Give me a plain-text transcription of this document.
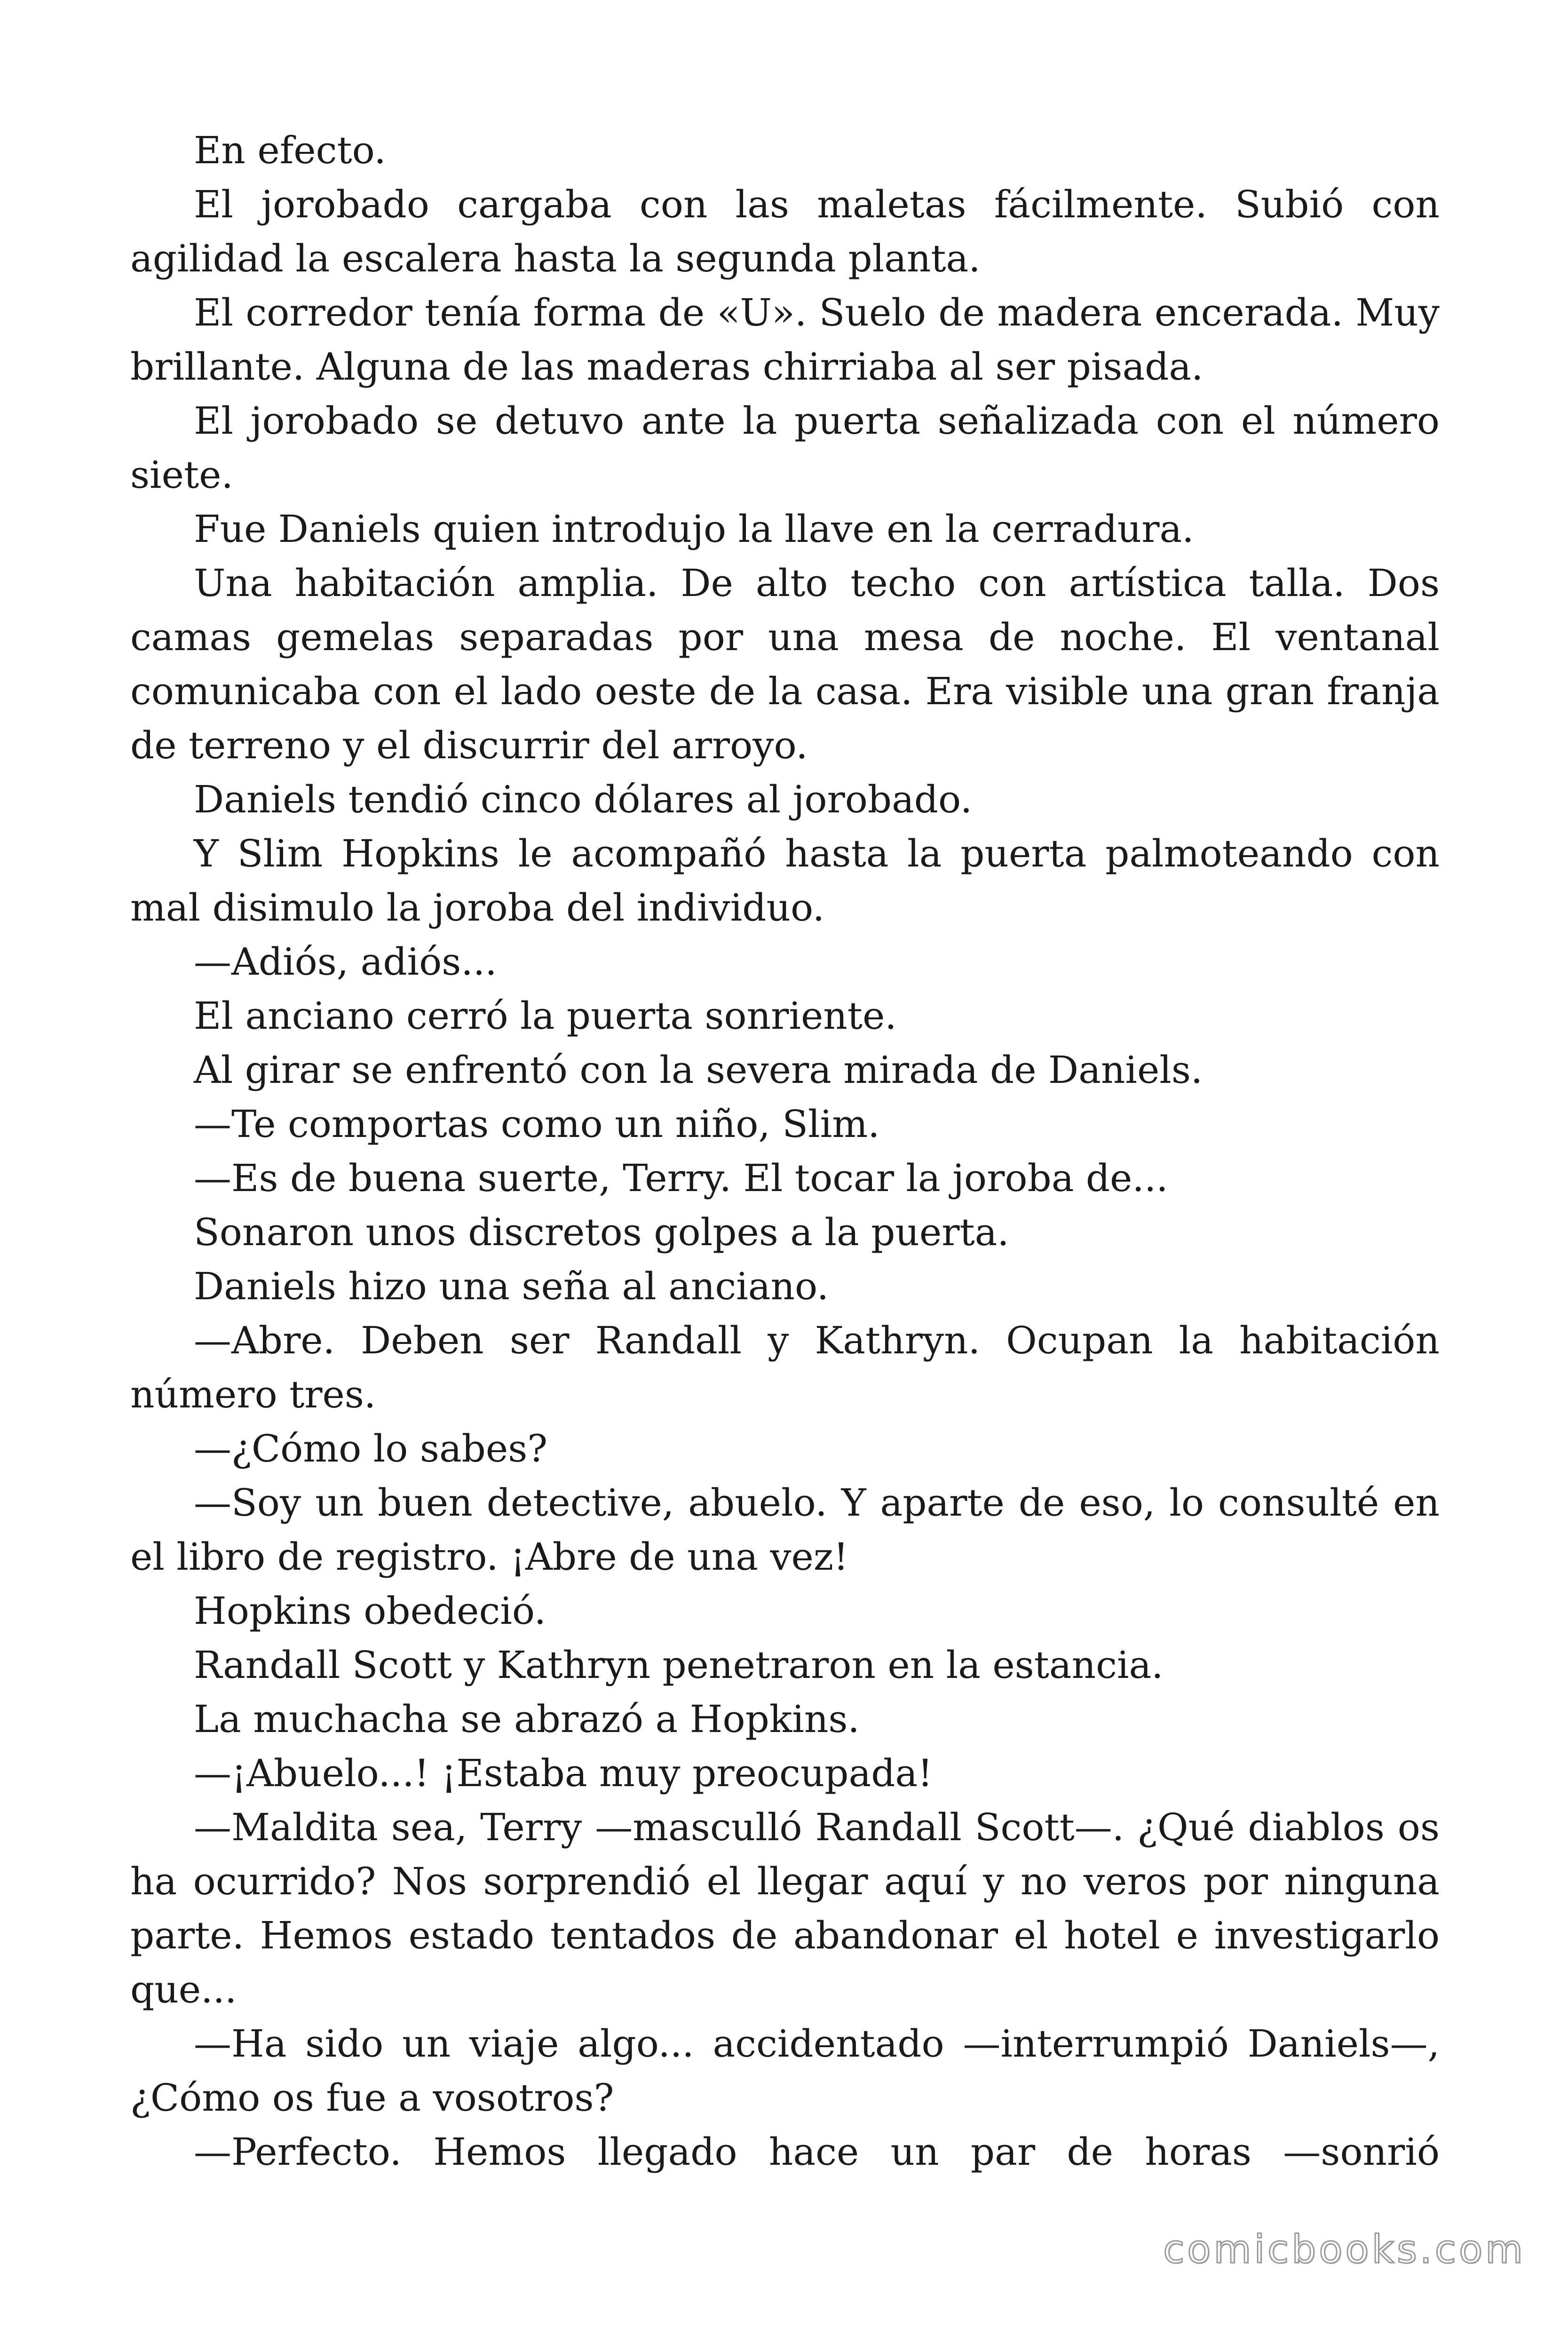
En efecto.

El jorobado cargaba con las maletas fácilmente. Subió con agilidad la escalera hasta la segunda planta.

El corredor tenía forma de «U». Suelo de madera encerada. Muy brillante. Alguna de las maderas chirriaba al ser pisada.

El jorobado se detuvo ante la puerta señalizada con el número siete.

Fue Daniels quien introdujo la llave en la cerradura.

Una habitación amplia. De alto techo con artística talla. Dos camas gemelas separadas por una mesa de noche. El ventanal comunicaba con el lado oeste de la casa. Era visible una gran franja de terreno y el discurrir del arroyo.

Daniels tendió cinco dólares al jorobado.

Y Slim Hopkins le acompañó hasta la puerta palmoteando con mal disimulo la joroba del individuo.

—Adiós, adiós...

El anciano cerró la puerta sonriente.

Al girar se enfrentó con la severa mirada de Daniels.

—Te comportas como un niño, Slim.

—Es de buena suerte, Terry. El tocar la joroba de...

Sonaron unos discretos golpes a la puerta.

Daniels hizo una seña al anciano.

—Abre. Deben ser Randall y Kathryn. Ocupan la habitación número tres.

—¿Cómo lo sabes?

—Soy un buen detective, abuelo. Y aparte de eso, lo consulté en el libro de registro. ¡Abre de una vez!

Hopkins obedeció.

Randall Scott y Kathryn penetraron en la estancia.

La muchacha se abrazó a Hopkins.

—¡Abuelo...! ¡Estaba muy preocupada!

—Maldita sea, Terry —masculló Randall Scott—. ¿Qué diablos os ha ocurrido? Nos sorprendió el llegar aquí y no veros por ninguna parte. Hemos estado tentados de abandonar el hotel e investigarlo que...

—Ha sido un viaje algo... accidentado —interrumpió Daniels—, ¿Cómo os fue a vosotros?

—Perfecto. Hemos llegado hace un par de horas —sonrió

comicbooks.com
